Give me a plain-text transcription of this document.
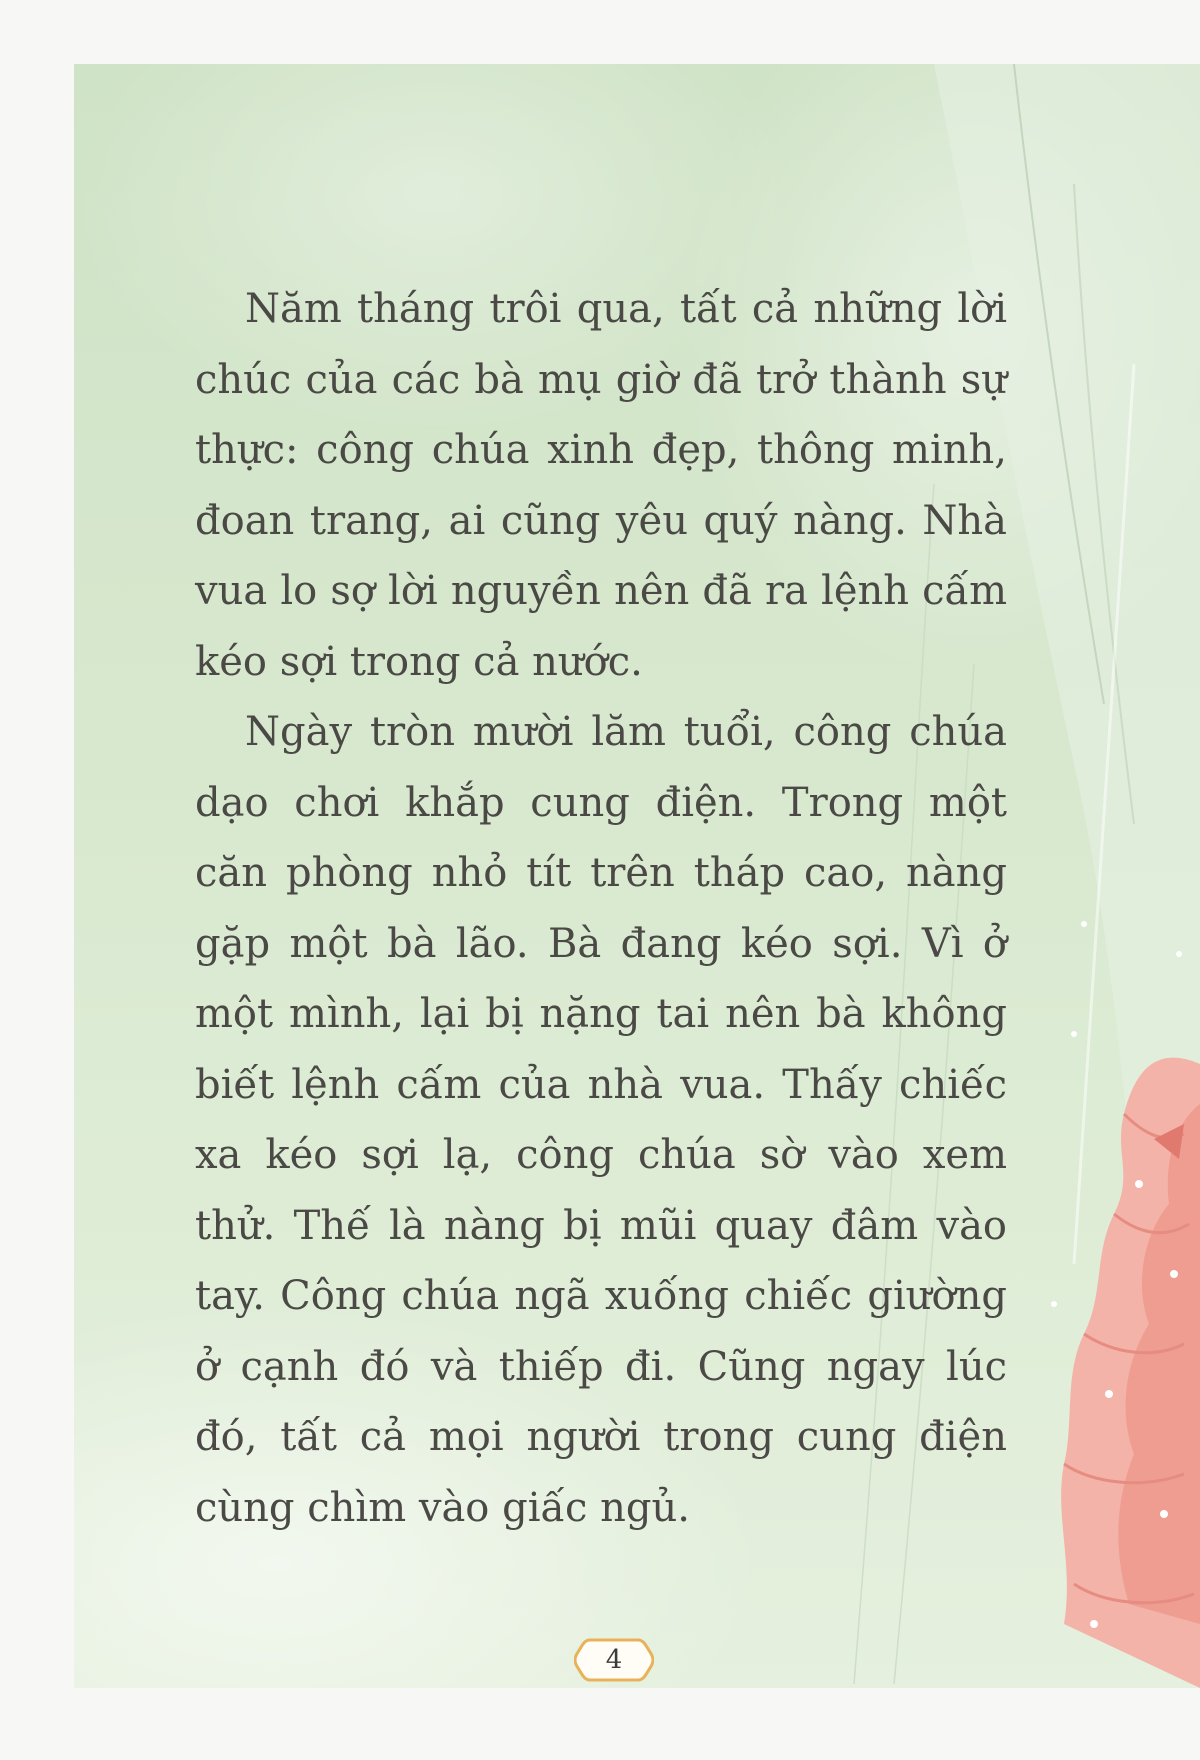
Năm tháng trôi qua, tất cả những lời chúc của các bà mụ giờ đã trở thành sự thực: công chúa xinh đẹp, thông minh, đoan trang, ai cũng yêu quý nàng. Nhà vua lo sợ lời nguyền nên đã ra lệnh cấm kéo sợi trong cả nước.

Ngày tròn mười lăm tuổi, công chúa dạo chơi khắp cung điện. Trong một căn phòng nhỏ tít trên tháp cao, nàng gặp một bà lão. Bà đang kéo sợi. Vì ở một mình, lại bị nặng tai nên bà không biết lệnh cấm của nhà vua. Thấy chiếc xa kéo sợi lạ, công chúa sờ vào xem thử. Thế là nàng bị mũi quay đâm vào tay. Công chúa ngã xuống chiếc giường ở cạnh đó và thiếp đi. Cũng ngay lúc đó, tất cả mọi người trong cung điện cùng chìm vào giấc ngủ.

4
